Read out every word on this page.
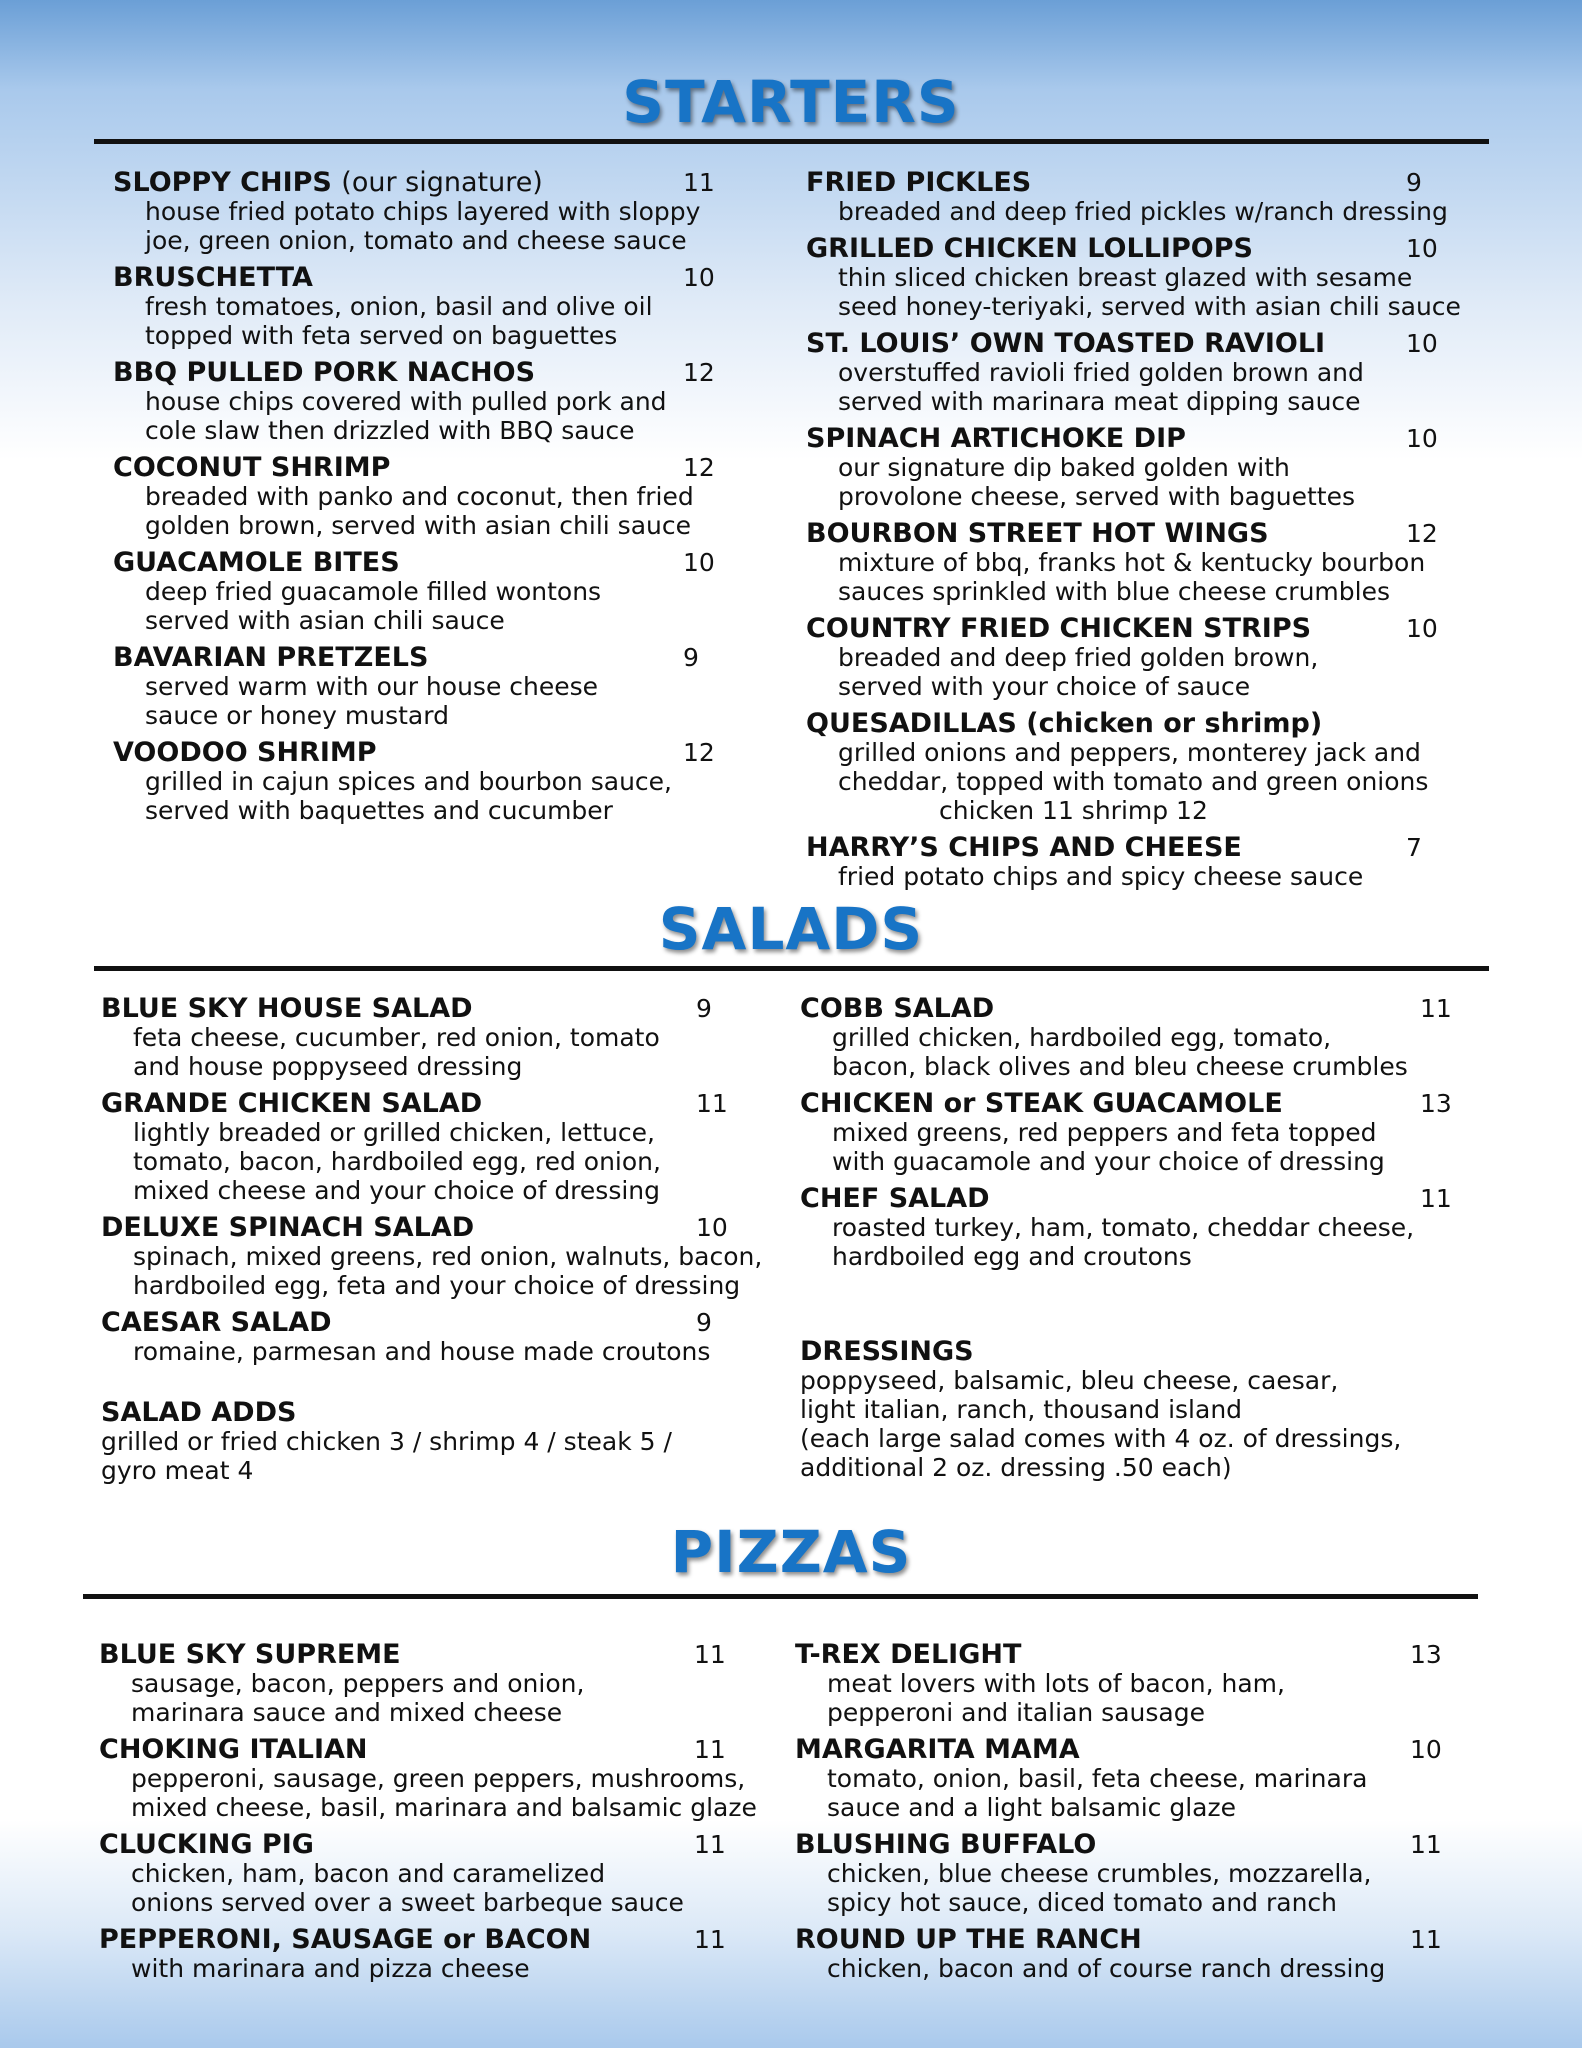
STARTERS
SLOPPY CHIPS (our signature)	11
house fried potato chips layered with sloppy
joe, green onion, tomato and cheese sauce
BRUSCHETTA	10
fresh tomatoes, onion, basil and olive oil
topped with feta served on baguettes
BBQ PULLED PORK NACHOS	12
house chips covered with pulled pork and
cole slaw then drizzled with BBQ sauce
COCONUT SHRIMP	12
breaded with panko and coconut, then fried
golden brown, served with asian chili sauce
GUACAMOLE BITES	10
deep fried guacamole filled wontons
served with asian chili sauce
BAVARIAN PRETZELS	9
served warm with our house cheese
sauce or honey mustard
VOODOO SHRIMP	12
grilled in cajun spices and bourbon sauce,
served with baquettes and cucumber
FRIED PICKLES	9
breaded and deep fried pickles w/ranch dressing
GRILLED CHICKEN LOLLIPOPS	10
thin sliced chicken breast glazed with sesame
seed honey-teriyaki, served with asian chili sauce
ST. LOUIS’ OWN TOASTED RAVIOLI	10
overstuffed ravioli fried golden brown and
served with marinara meat dipping sauce
SPINACH ARTICHOKE DIP	10
our signature dip baked golden with
provolone cheese, served with baguettes
BOURBON STREET HOT WINGS	12
mixture of bbq, franks hot & kentucky bourbon
sauces sprinkled with blue cheese crumbles
COUNTRY FRIED CHICKEN STRIPS	10
breaded and deep fried golden brown,
served with your choice of sauce
QUESADILLAS (chicken or shrimp)
grilled onions and peppers, monterey jack and
cheddar, topped with tomato and green onions
chicken 11 shrimp 12
HARRY’S CHIPS AND CHEESE	7
fried potato chips and spicy cheese sauce
SALADS
BLUE SKY HOUSE SALAD	9
feta cheese, cucumber, red onion, tomato
and house poppyseed dressing
GRANDE CHICKEN SALAD	11
lightly breaded or grilled chicken, lettuce,
tomato, bacon, hardboiled egg, red onion,
mixed cheese and your choice of dressing
DELUXE SPINACH SALAD	10
spinach, mixed greens, red onion, walnuts, bacon,
hardboiled egg, feta and your choice of dressing
CAESAR SALAD	9
romaine, parmesan and house made croutons
SALAD ADDS
grilled or fried chicken 3 / shrimp 4 / steak 5 /
gyro meat 4
COBB SALAD	11
grilled chicken, hardboiled egg, tomato,
bacon, black olives and bleu cheese crumbles
CHICKEN or STEAK GUACAMOLE	13
mixed greens, red peppers and feta topped
with guacamole and your choice of dressing
CHEF SALAD	11
roasted turkey, ham, tomato, cheddar cheese,
hardboiled egg and croutons
DRESSINGS
poppyseed, balsamic, bleu cheese, caesar,
light italian, ranch, thousand island
(each large salad comes with 4 oz. of dressings,
additional 2 oz. dressing .50 each)
PIZZAS
BLUE SKY SUPREME	11
sausage, bacon, peppers and onion,
marinara sauce and mixed cheese
CHOKING ITALIAN	11
pepperoni, sausage, green peppers, mushrooms,
mixed cheese, basil, marinara and balsamic glaze
CLUCKING PIG	11
chicken, ham, bacon and caramelized
onions served over a sweet barbeque sauce
PEPPERONI, SAUSAGE or BACON	11
with marinara and pizza cheese
T-REX DELIGHT	13
meat lovers with lots of bacon, ham,
pepperoni and italian sausage
MARGARITA MAMA	10
tomato, onion, basil, feta cheese, marinara
sauce and a light balsamic glaze
BLUSHING BUFFALO	11
chicken, blue cheese crumbles, mozzarella,
spicy hot sauce, diced tomato and ranch
ROUND UP THE RANCH	11
chicken, bacon and of course ranch dressing
